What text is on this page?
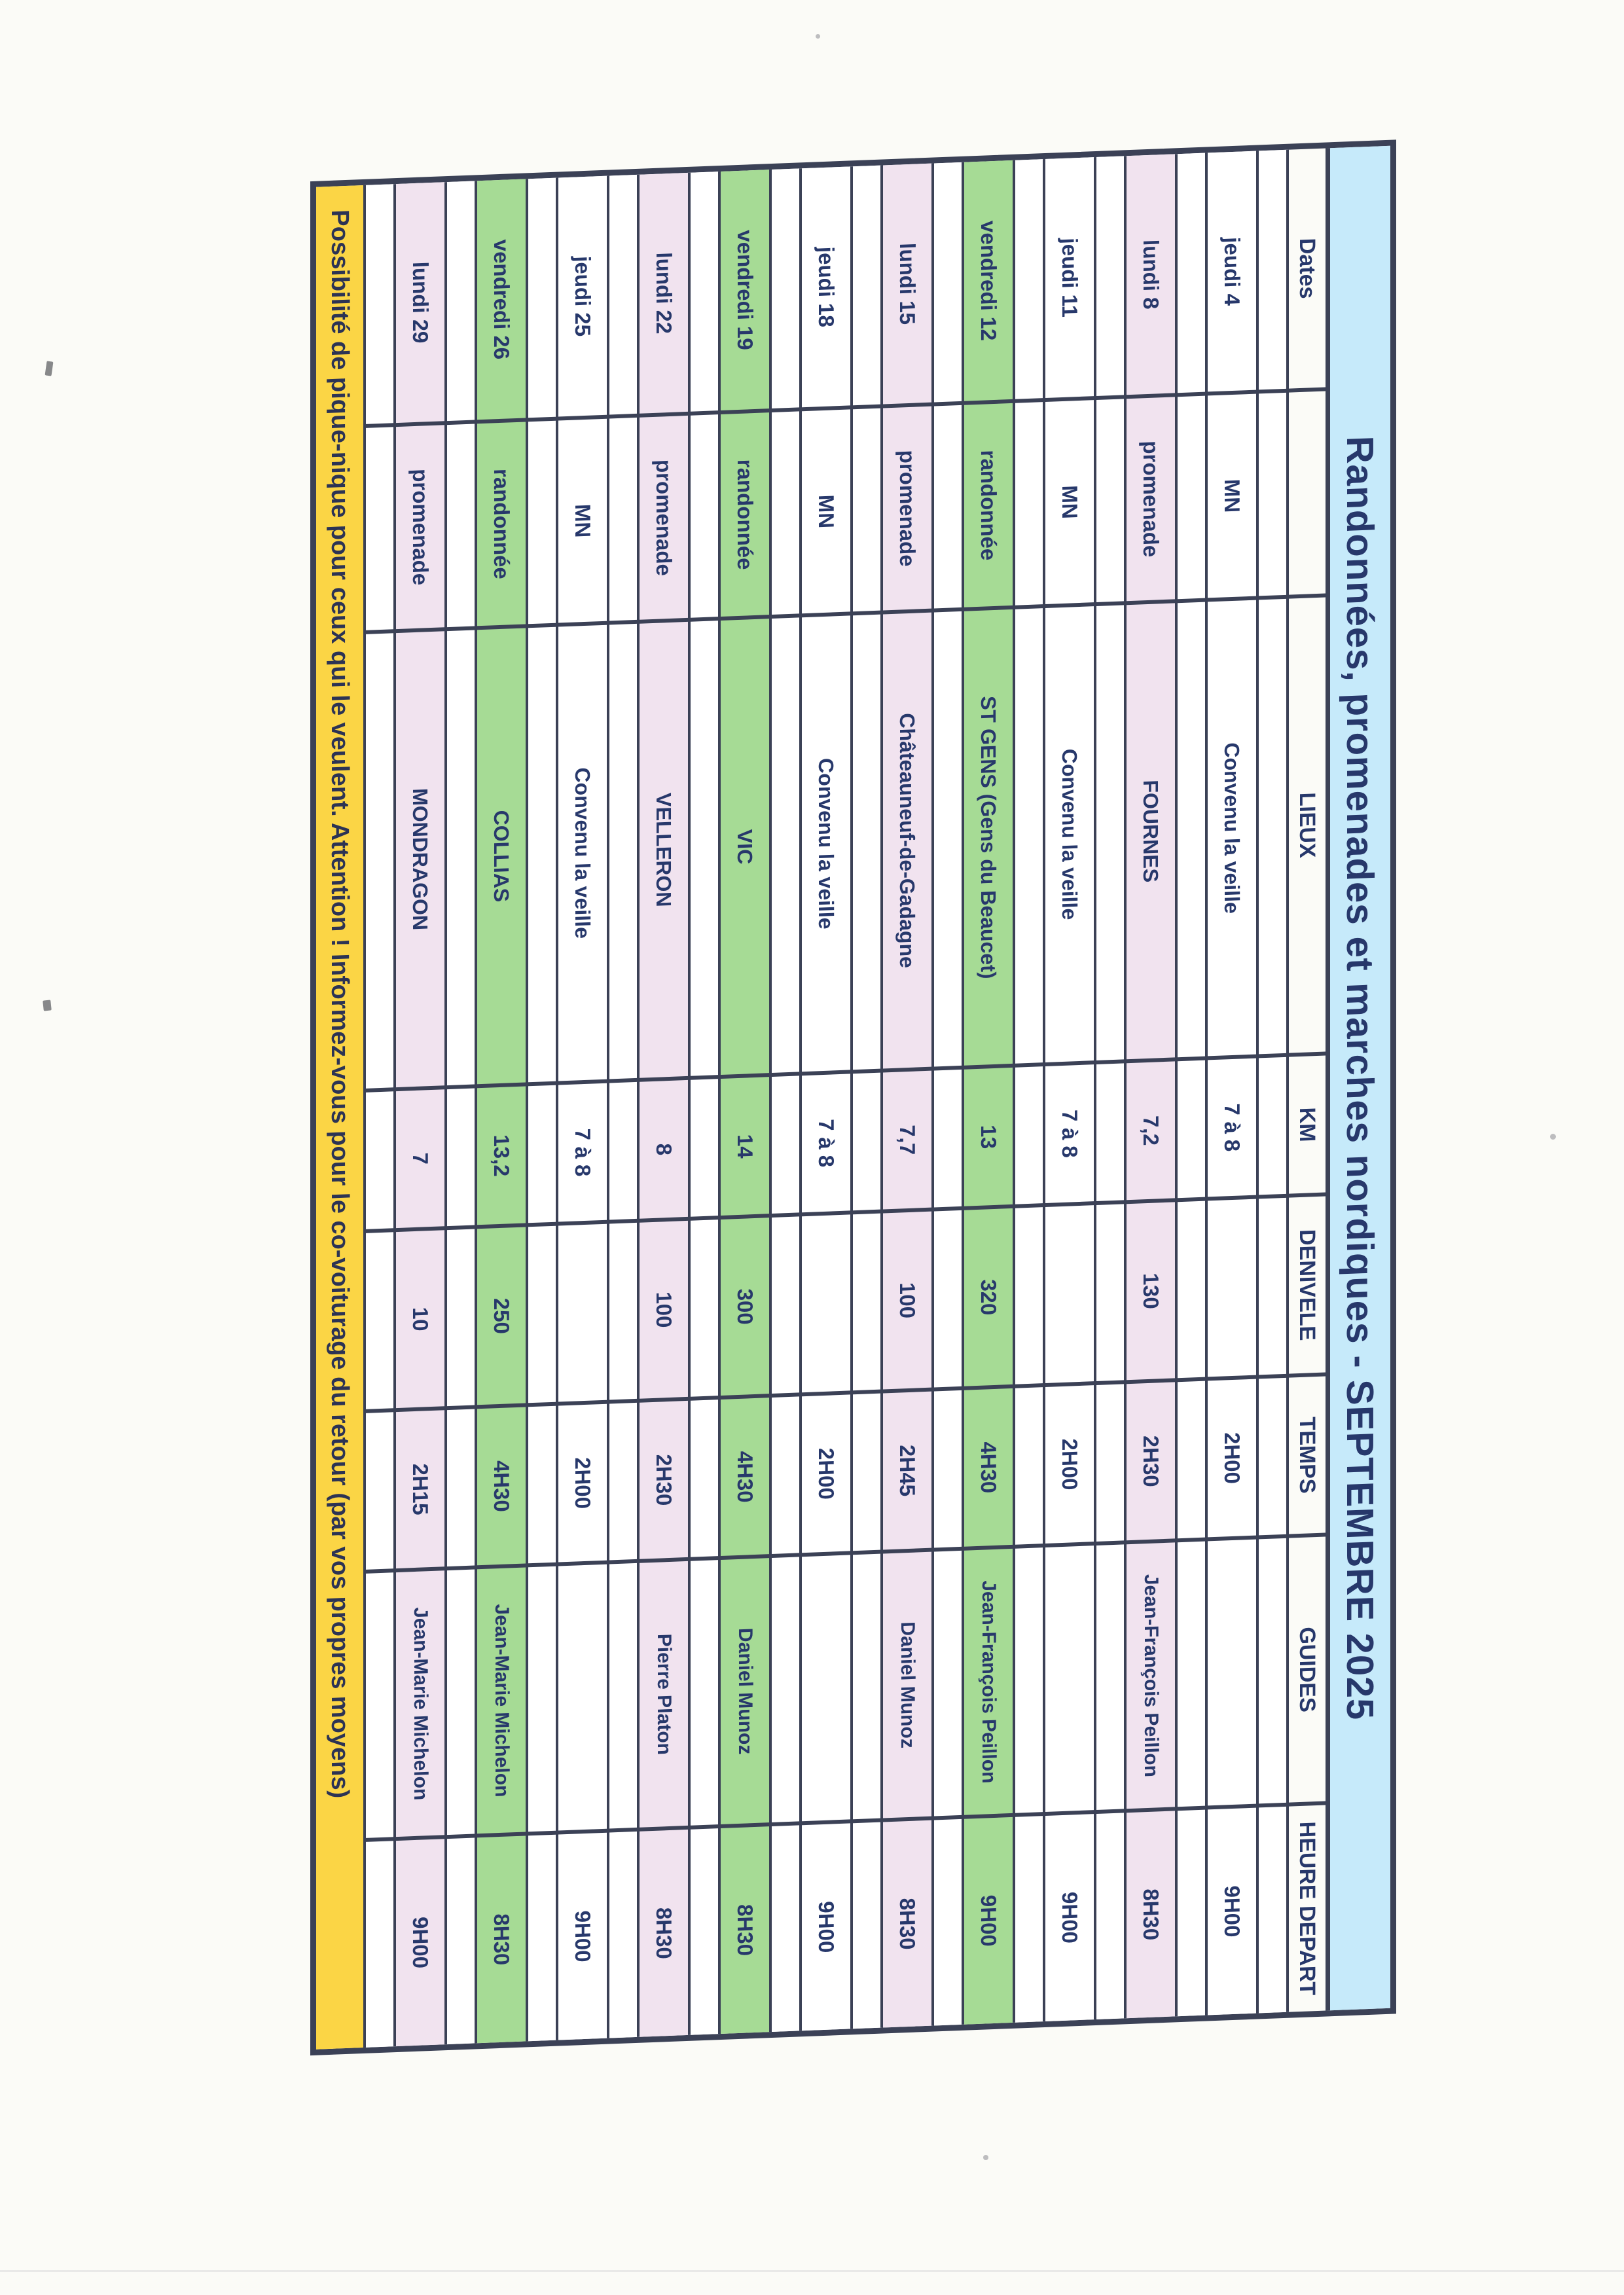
Randonnées, promenades et marches nordiques - SEPTEMBRE 2025
Dates
LIEUX
KM
DENIVELE
TEMPS
GUIDES
HEURE DEPART
jeudi 4
MN
Convenu la veille
7 à 8
2H00
9H00
lundi 8
promenade
FOURNES
7,2
130
2H30
Jean-François Peillon
8H30
jeudi 11
MN
Convenu la veille
7 à 8
2H00
9H00
vendredi 12
randonnée
ST GENS (Gens du Beaucet)
13
320
4H30
Jean-François Peillon
9H00
lundi 15
promenade
Châteauneuf-de-Gadagne
7,7
100
2H45
Daniel Munoz
8H30
jeudi 18
MN
Convenu la veille
7 à 8
2H00
9H00
vendredi 19
randonnée
VIC
14
300
4H30
Daniel Munoz
8H30
lundi 22
promenade
VELLERON
8
100
2H30
Pierre Platon
8H30
jeudi 25
MN
Convenu la veille
7 à 8
2H00
9H00
vendredi 26
randonnée
COLLIAS
13,2
250
4H30
Jean-Marie Michelon
8H30
lundi 29
promenade
MONDRAGON
7
10
2H15
Jean-Marie Michelon
9H00
Possibilité de pique-nique pour ceux qui le veulent. Attention ! Informez-vous pour le co-voiturage du retour (par vos propres moyens)
